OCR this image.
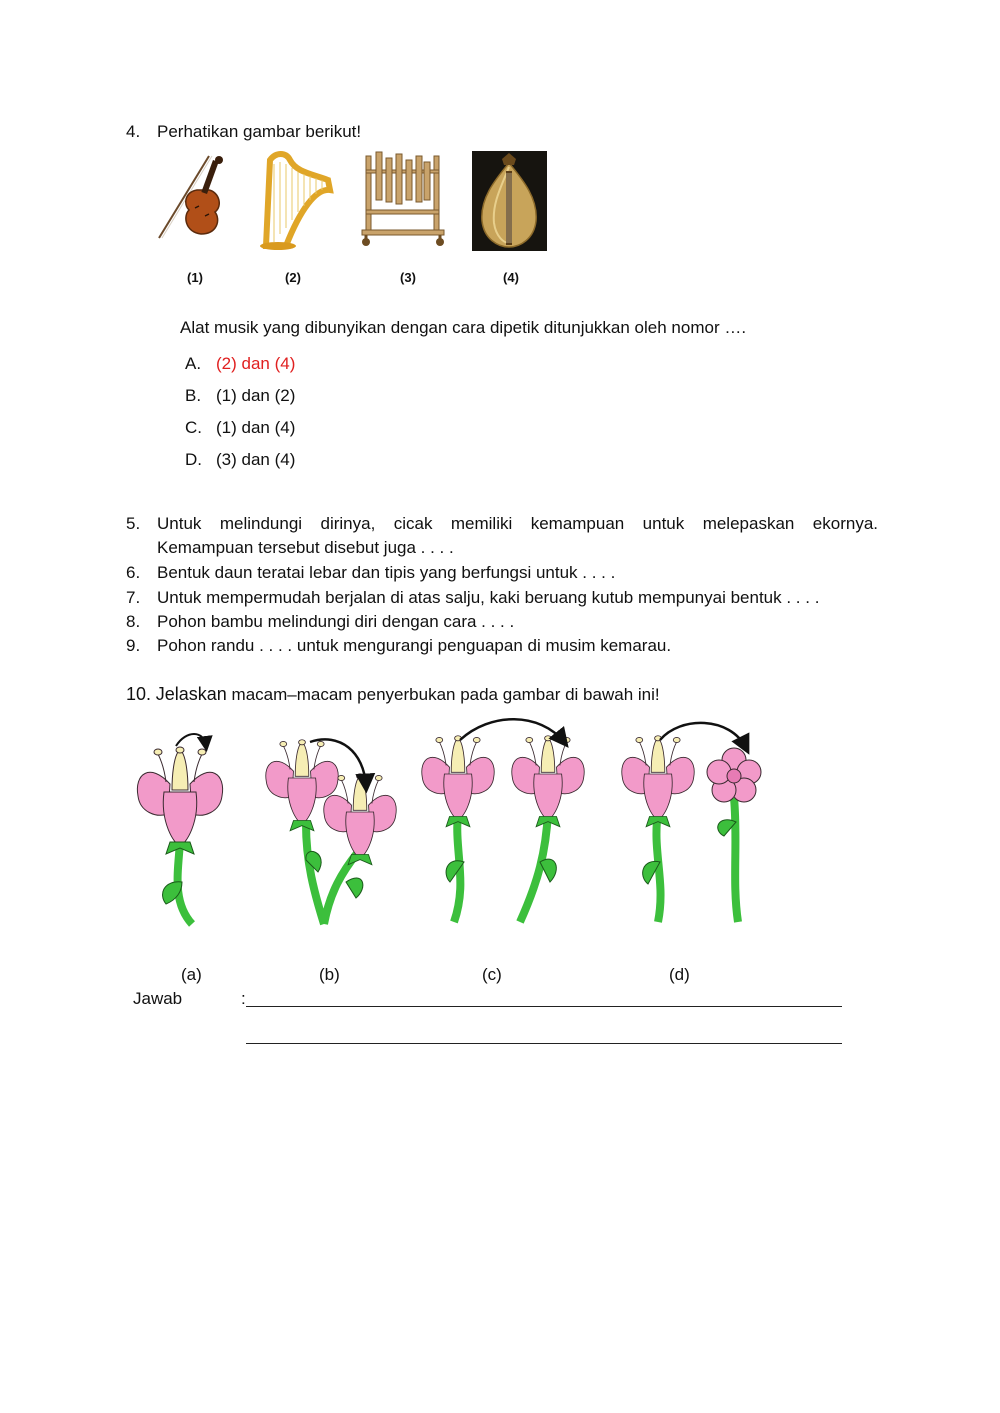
4. Perhatikan gambar berikut!
(1)	(2)	(3)	(4)
Alat musik yang dibunyikan dengan cara dipetik ditunjukkan oleh nomor ….
A. (2) dan (4)
B. (1) dan (2)
C. (1) dan (4)
D. (3) dan (4)
5. Untuk melindungi dirinya, cicak memiliki kemampuan untuk melepaskan ekornya.
Kemampuan tersebut disebut juga . . . .
6. Bentuk daun teratai lebar dan tipis yang berfungsi untuk . . . .
7. Untuk mempermudah berjalan di atas salju, kaki beruang kutub mempunyai bentuk . . . .
8. Pohon bambu melindungi diri dengan cara . . . .
9. Pohon randu . . . . untuk mengurangi penguapan di musim kemarau.
10. Jelaskan macam–macam penyerbukan pada gambar di bawah ini!
(a)	(b)	(c)	(d)
Jawab	:
